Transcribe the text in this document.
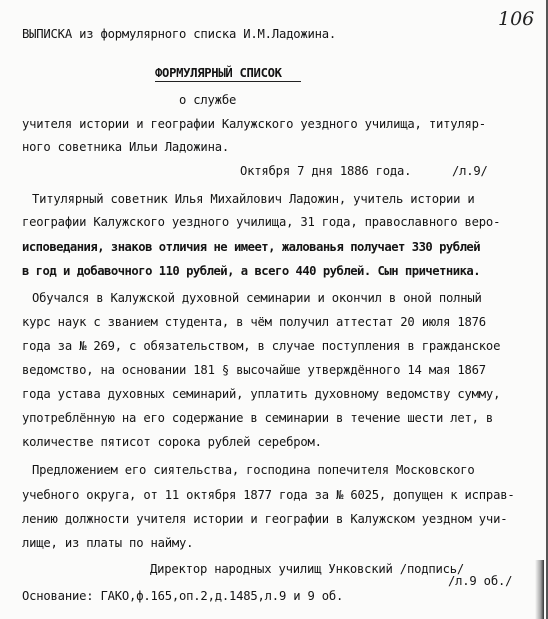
106
ВЫПИСКА из формулярного списка И.М.Ладожина.
ФОРМУЛЯРНЫЙ СПИСОК
о службе
учителя истории и географии Калужского уездного училища, титуляр-
ного советника Ильи Ладожина.
Октября 7 дня 1886 года.	/л.9/
Титулярный советник Илья Михайлович Ладожин, учитель истории и
географии Калужского уездного училища, 31 года, православного веро-
исповедания, знаков отличия не имеет, жалованья получает 330 рублей
в год и добавочного 110 рублей, а всего 440 рублей. Сын причетника.
Обучался в Калужской духовной семинарии и окончил в оной полный
курс наук с званием студента, в чём получил аттестат 20 июля 1876
года за № 269, с обязательством, в случае поступления в гражданское
ведомство, на основании 181 § высочайше утверждённого 14 мая 1867
года устава духовных семинарий, уплатить духовному ведомству сумму,
употреблённую на его содержание в семинарии в течение шести лет, в
количестве пятисот сорока рублей серебром.
Предложением его сиятельства, господина попечителя Московского
учебного округа, от 11 октября 1877 года за № 6025, допущен к исправ-
лению должности учителя истории и географии в Калужском уездном учи-
лище, из платы по найму.
Директор народных училищ Унковский /подпись/
/л.9 об./
Основание: ГАКО,ф.165,оп.2,д.1485,л.9 и 9 об.
